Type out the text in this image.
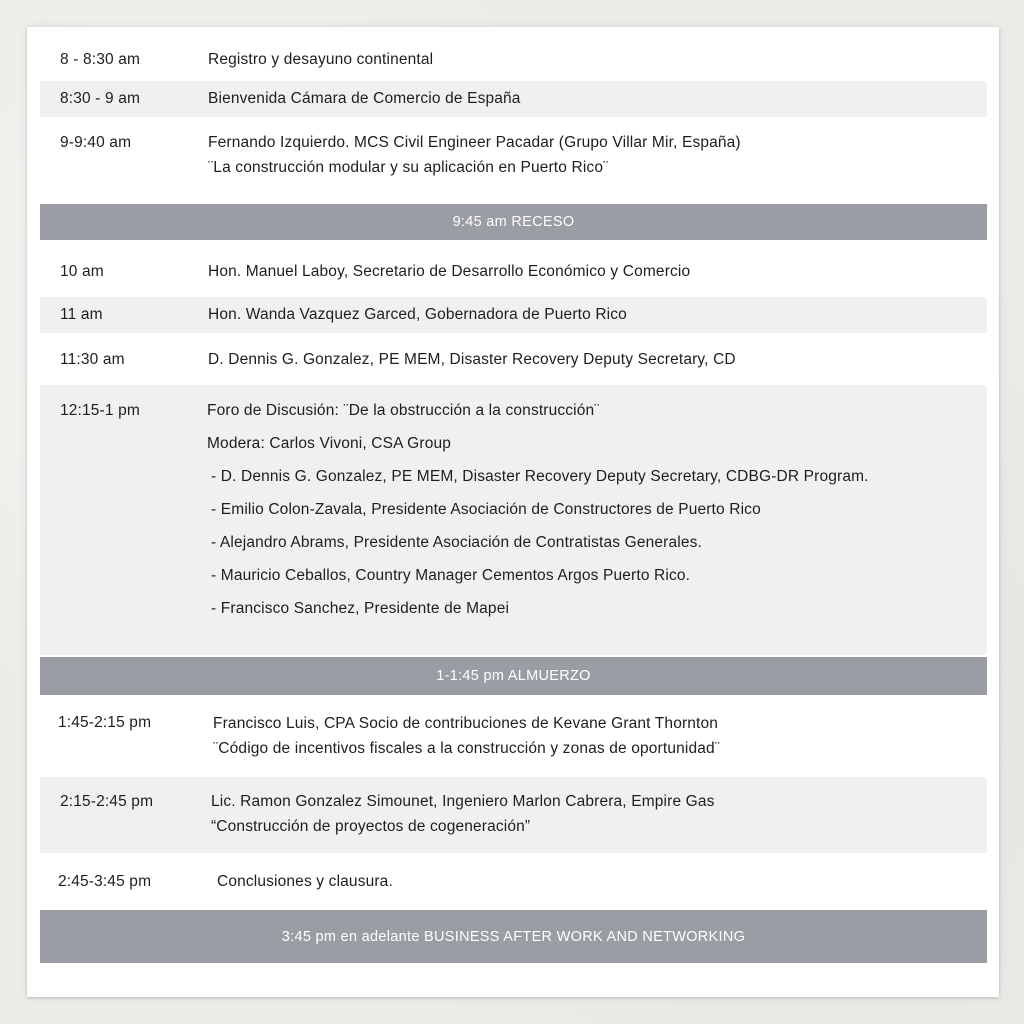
8 - 8:30 am	Registro y desayuno continental
8:30 - 9 am	Bienvenida Cámara de Comercio de España
9-9:40 am	Fernando Izquierdo. MCS Civil Engineer Pacadar (Grupo Villar Mir, España)
¨La construcción modular y su aplicación en Puerto Rico¨
9:45 am RECESO
10 am	Hon. Manuel Laboy, Secretario de Desarrollo Económico y Comercio
11 am	Hon. Wanda Vazquez Garced, Gobernadora de Puerto Rico
11:30 am	D. Dennis G. Gonzalez, PE MEM, Disaster Recovery Deputy Secretary, CD
12:15-1 pm	Foro de Discusión: ¨De la obstrucción a la construcción¨
Modera: Carlos Vivoni, CSA Group
- D. Dennis G. Gonzalez, PE MEM, Disaster Recovery Deputy Secretary, CDBG-DR Program.
- Emilio Colon-Zavala, Presidente Asociación de Constructores de Puerto Rico
- Alejandro Abrams, Presidente Asociación de Contratistas Generales.
- Mauricio Ceballos, Country Manager Cementos Argos Puerto Rico.
- Francisco Sanchez, Presidente de Mapei
1-1:45 pm ALMUERZO
1:45-2:15 pm	Francisco Luis, CPA Socio de contribuciones de Kevane Grant Thornton
¨Código de incentivos fiscales a la construcción y zonas de oportunidad¨
2:15-2:45 pm	Lic. Ramon Gonzalez Simounet, Ingeniero Marlon Cabrera, Empire Gas
“Construcción de proyectos de cogeneración”
2:45-3:45 pm	Conclusiones y clausura.
3:45 pm en adelante BUSINESS AFTER WORK AND NETWORKING
